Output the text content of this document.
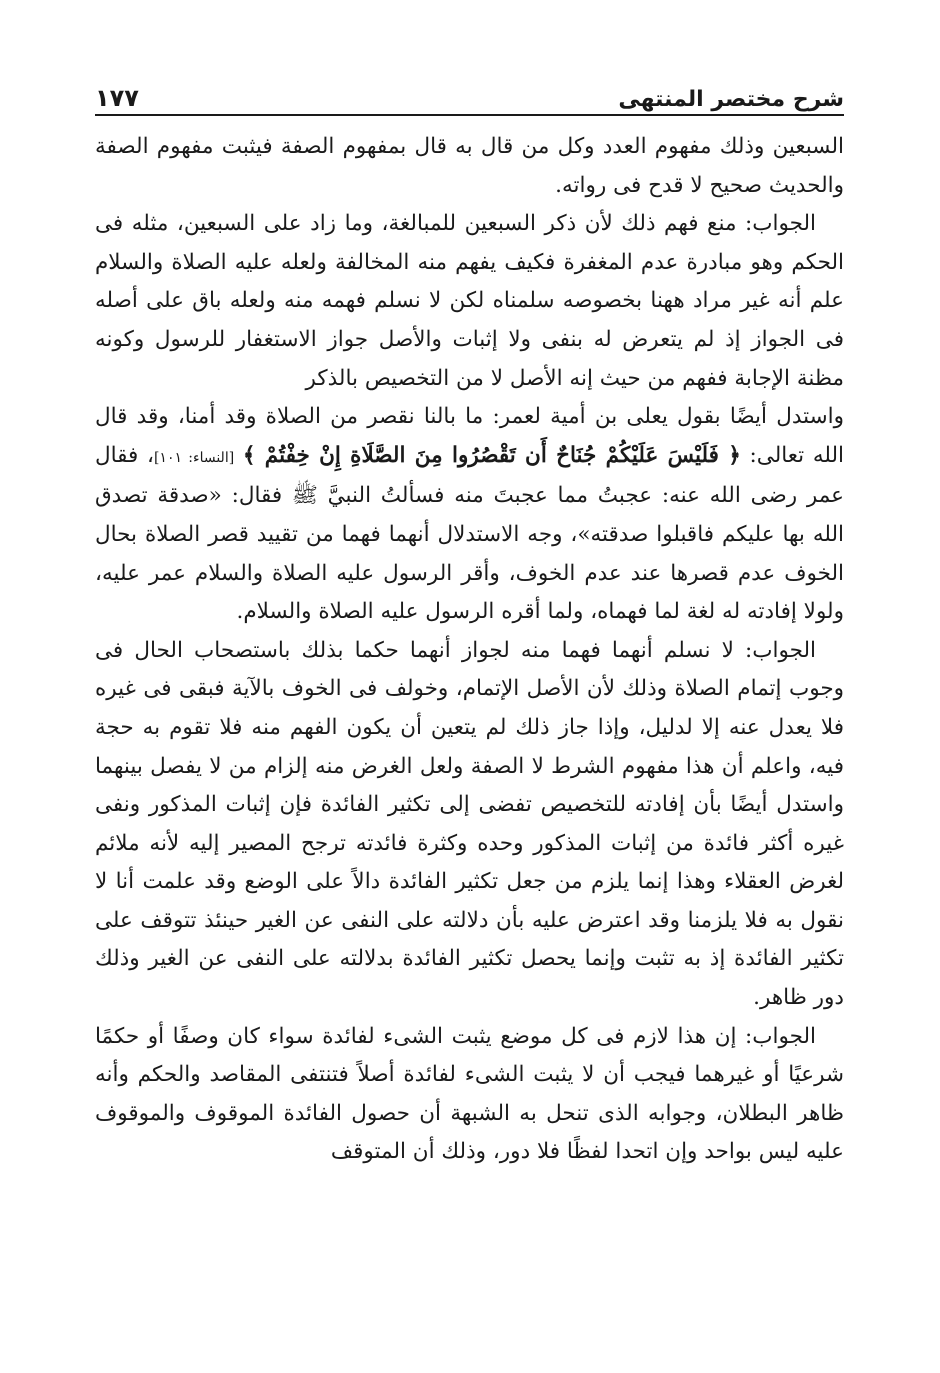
شرح مختصر المنتهى
١٧٧

السبعين وذلك مفهوم العدد وكل من قال به قال بمفهوم الصفة فيثبت مفهوم الصفة والحديث صحيح لا قدح فى رواته.

الجواب: منع فهم ذلك لأن ذكر السبعين للمبالغة، وما زاد على السبعين، مثله فى الحكم وهو مبادرة عدم المغفرة فكيف يفهم منه المخالفة ولعله عليه الصلاة والسلام علم أنه غير مراد ههنا بخصوصه سلمناه لكن لا نسلم فهمه منه ولعله باق على أصله فى الجواز إذ لم يتعرض له بنفى ولا إثبات والأصل جواز الاستغفار للرسول وكونه مظنة الإجابة ففهم من حيث إنه الأصل لا من التخصيص بالذكر

واستدل أيضًا بقول يعلى بن أمية لعمر: ما بالنا نقصر من الصلاة وقد أمنا، وقد قال الله تعالى: ﴿ فَلَيْسَ عَلَيْكُمْ جُنَاحٌ أَن تَقْصُرُوا مِنَ الصَّلَاةِ إِنْ خِفْتُمْ ﴾ [النساء: ١٠١]، فقال عمر رضى الله عنه: عجبتُ مما عجبتَ منه فسألتُ النبيَّ ﷺ فقال: «صدقة تصدق الله بها عليكم فاقبلوا صدقته»، وجه الاستدلال أنهما فهما من تقييد قصر الصلاة بحال الخوف عدم قصرها عند عدم الخوف، وأقر الرسول عليه الصلاة والسلام عمر عليه، ولولا إفادته له لغة لما فهماه، ولما أقره الرسول عليه الصلاة والسلام.

الجواب: لا نسلم أنهما فهما منه لجواز أنهما حكما بذلك باستصحاب الحال فى وجوب إتمام الصلاة وذلك لأن الأصل الإتمام، وخولف فى الخوف بالآية فبقى فى غيره فلا يعدل عنه إلا لدليل، وإذا جاز ذلك لم يتعين أن يكون الفهم منه فلا تقوم به حجة فيه، واعلم أن هذا مفهوم الشرط لا الصفة ولعل الغرض منه إلزام من لا يفصل بينهما واستدل أيضًا بأن إفادته للتخصيص تفضى إلى تكثير الفائدة فإن إثبات المذكور ونفى غيره أكثر فائدة من إثبات المذكور وحده وكثرة فائدته ترجح المصير إليه لأنه ملائم لغرض العقلاء وهذا إنما يلزم من جعل تكثير الفائدة دالاً على الوضع وقد علمت أنا لا نقول به فلا يلزمنا وقد اعترض عليه بأن دلالته على النفى عن الغير حينئذ تتوقف على تكثير الفائدة إذ به تثبت وإنما يحصل تكثير الفائدة بدلالته على النفى عن الغير وذلك دور ظاهر.

الجواب: إن هذا لازم فى كل موضع يثبت الشىء لفائدة سواء كان وصفًا أو حكمًا شرعيًا أو غيرهما فيجب أن لا يثبت الشىء لفائدة أصلاً فتنتفى المقاصد والحكم وأنه ظاهر البطلان، وجوابه الذى تنحل به الشبهة أن حصول الفائدة الموقوف والموقوف عليه ليس بواحد وإن اتحدا لفظًا فلا دور، وذلك أن المتوقف
